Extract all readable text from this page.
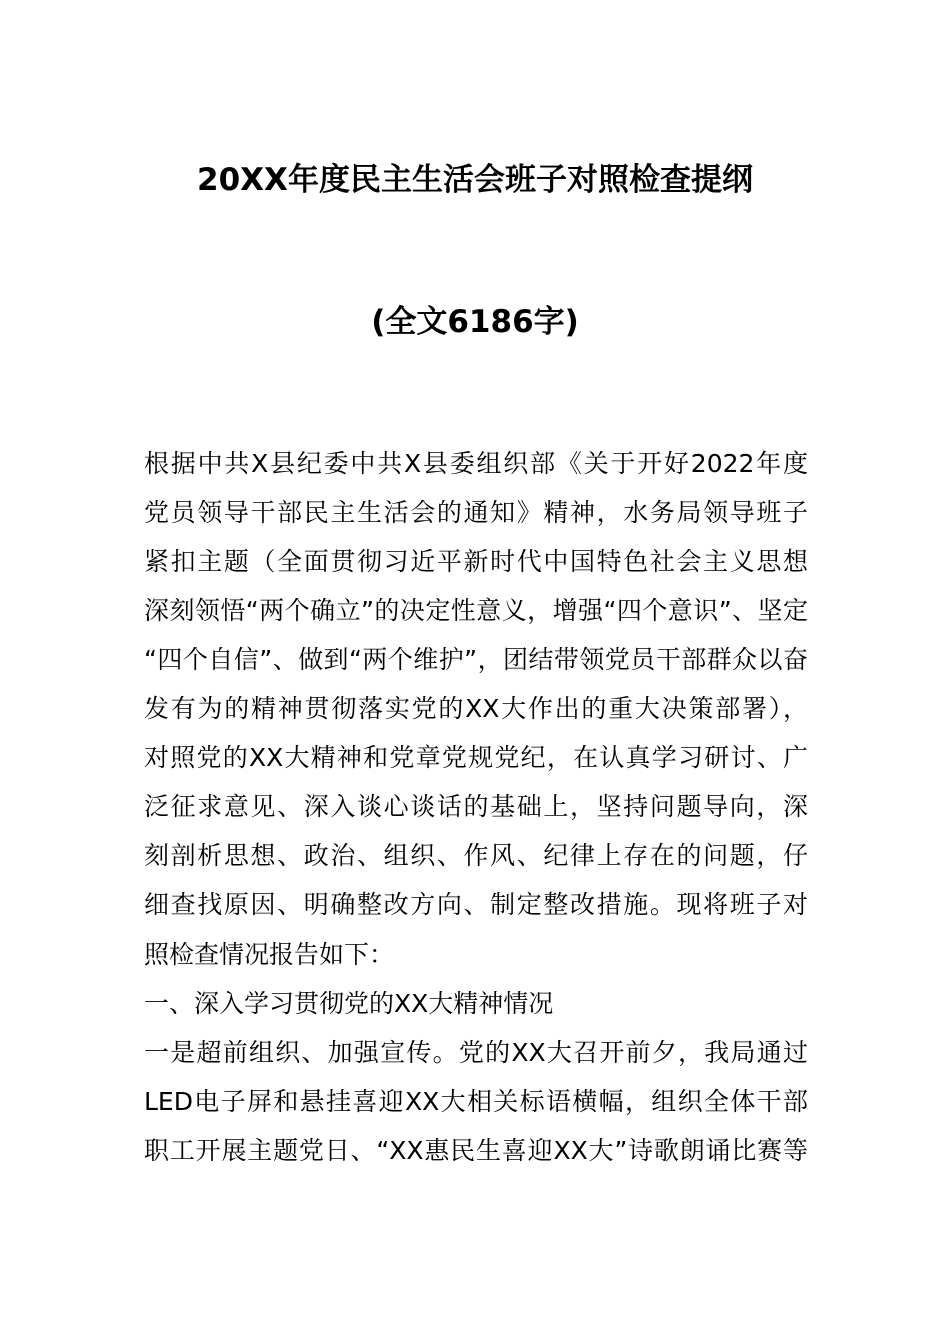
20XX年度民主生活会班子对照检查提纲
(全文6186字)
根据中共X县纪委中共X县委组织部《关于开好2022年度
党员领导干部民主生活会的通知》精神，水务局领导班子
紧扣主题（全面贯彻习近平新时代中国特色社会主义思想
深刻领悟“两个确立”的决定性意义，增强“四个意识”、坚定
“四个自信”、做到“两个维护”，团结带领党员干部群众以奋
发有为的精神贯彻落实党的XX大作出的重大决策部署），
对照党的XX大精神和党章党规党纪，在认真学习研讨、广
泛征求意见、深入谈心谈话的基础上，坚持问题导向，深
刻剖析思想、政治、组织、作风、纪律上存在的问题，仔
细查找原因、明确整改方向、制定整改措施。现将班子对
照检查情况报告如下：
一、深入学习贯彻党的XX大精神情况
一是超前组织、加强宣传。党的XX大召开前夕，我局通过
LED电子屏和悬挂喜迎XX大相关标语横幅，组织全体干部
职工开展主题党日、“XX惠民生喜迎XX大”诗歌朗诵比赛等
